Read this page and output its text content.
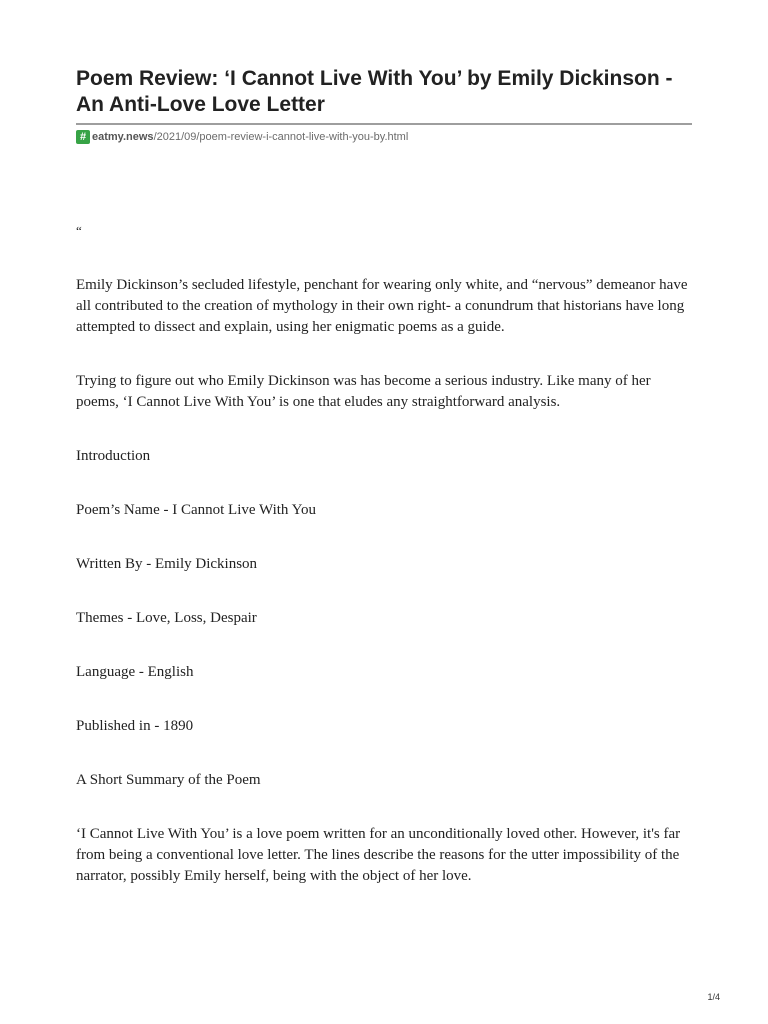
Poem Review: ‘I Cannot Live With You’ by Emily Dickinson - An Anti-Love Love Letter
# eatmy.news /2021/09/poem-review-i-cannot-live-with-you-by.html

“

Emily Dickinson’s secluded lifestyle, penchant for wearing only white, and “nervous” demeanor have all contributed to the creation of mythology in their own right- a conundrum that historians have long attempted to dissect and explain, using her enigmatic poems as a guide.

Trying to figure out who Emily Dickinson was has become a serious industry. Like many of her poems, ‘I Cannot Live With You’ is one that eludes any straightforward analysis.

Introduction

Poem’s Name - I Cannot Live With You

Written By - Emily Dickinson

Themes - Love, Loss, Despair

Language - English

Published in - 1890

A Short Summary of the Poem

‘I Cannot Live With You’ is a love poem written for an unconditionally loved other. However, it's far from being a conventional love letter. The lines describe the reasons for the utter impossibility of the narrator, possibly Emily herself, being with the object of her love.

1/4
